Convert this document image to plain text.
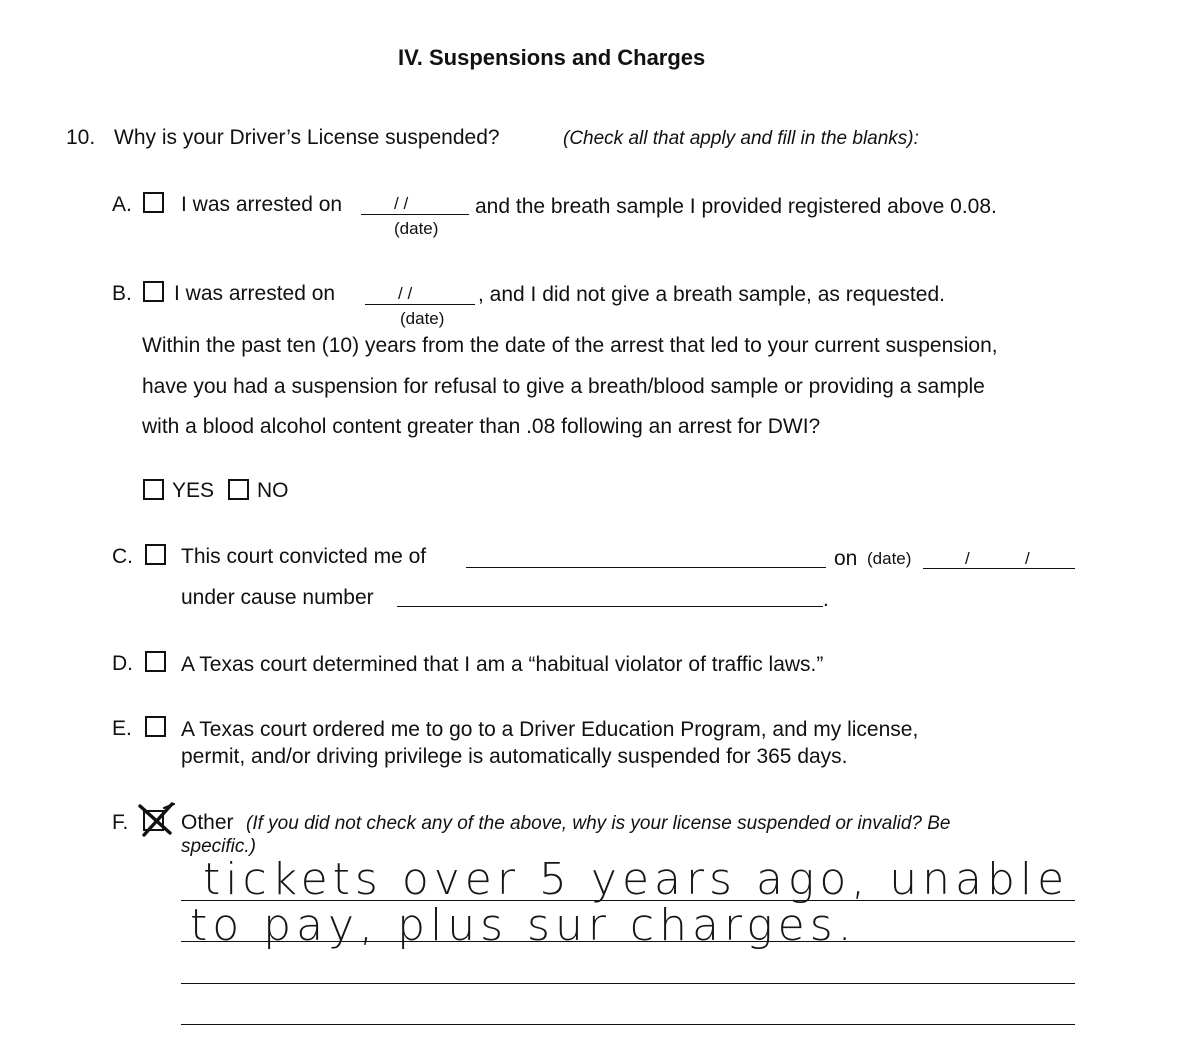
IV. Suspensions and Charges
10. Why is your Driver’s License suspended?	(Check all that apply and fill in the blanks):
A. I was arrested on	/ /
(date)
and the breath sample I provided registered above 0.08.
B. I was arrested on	/ /
(date)
, and I did not give a breath sample, as requested.
Within the past ten (10) years from the date of the arrest that led to your current suspension,
have you had a suspension for refusal to give a breath/blood sample or providing a sample
with a blood alcohol content greater than .08 following an arrest for DWI?
YES NO
C. This court convicted me of	on (date)	/	/
under cause number	.
D. A Texas court determined that I am a “habitual violator of traffic laws.”
E. A Texas court ordered me to go to a Driver Education Program, and my license,
permit, and/or driving privilege is automatically suspended for 365 days.
F.	Other (If you did not check any of the above, why is your license suspended or invalid? Be
specific.)
tickets over 5 years ago, unable
to pay, plus sur charges.
